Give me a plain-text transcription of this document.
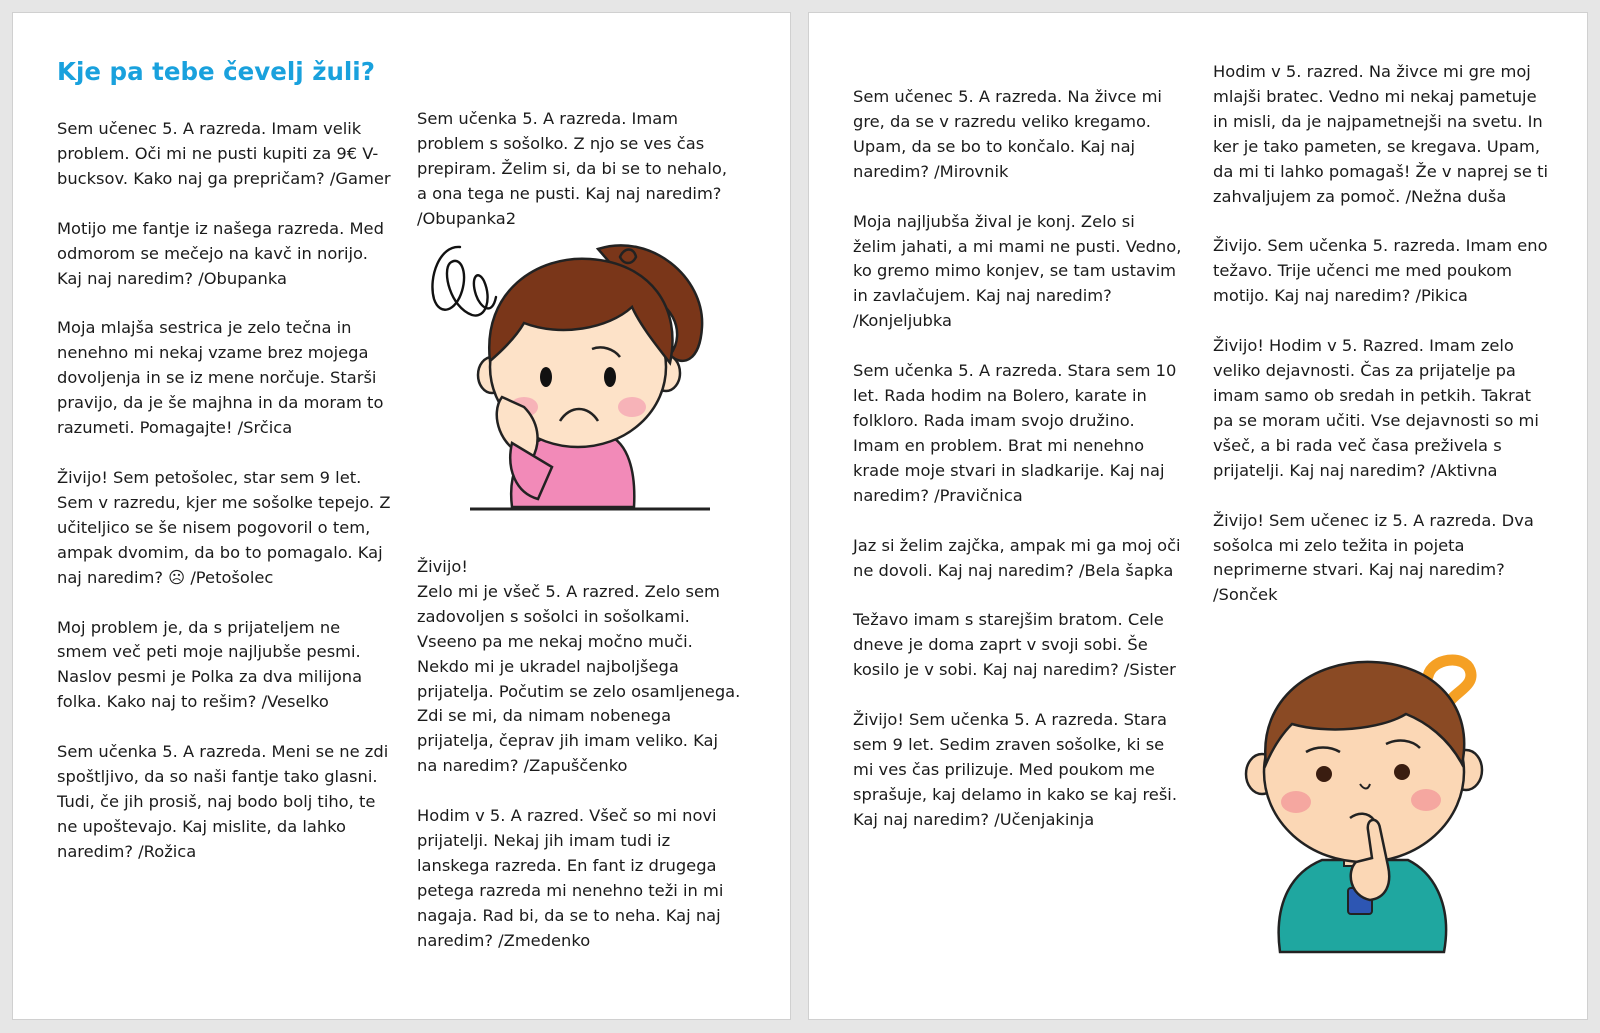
Kje pa tebe čevelj žuli?

Sem učenec 5. A razreda. Imam velik problem. Oči mi ne pusti kupiti za 9€ V-bucksov. Kako naj ga prepričam? /Gamer

Motijo me fantje iz našega razreda. Med odmorom se mečejo na kavč in norijo. Kaj naj naredim? /Obupanka

Moja mlajša sestrica je zelo tečna in nenehno mi nekaj vzame brez mojega dovoljenja in se iz mene norčuje. Starši pravijo, da je še majhna in da moram to razumeti. Pomagajte! /Srčica

Živijo! Sem petošolec, star sem 9 let. Sem v razredu, kjer me sošolke tepejo. Z učiteljico se še nisem pogovoril o tem, ampak dvomim, da bo to pomagalo. Kaj naj naredim? ☹ /Petošolec

Moj problem je, da s prijateljem ne smem več peti moje najljubše pesmi. Naslov pesmi je Polka za dva milijona folka. Kako naj to rešim? /Veselko

Sem učenka 5. A razreda. Meni se ne zdi spoštljivo, da so naši fantje tako glasni. Tudi, če jih prosiš, naj bodo bolj tiho, te ne upoštevajo. Kaj mislite, da lahko naredim? /Rožica

Sem učenka 5. A razreda. Imam problem s sošolko. Z njo se ves čas prepiram. Želim si, da bi se to nehalo, a ona tega ne pusti. Kaj naj naredim? /Obupanka2

Živijo!
Zelo mi je všeč 5. A razred. Zelo sem zadovoljen s sošolci in sošolkami. Vseeno pa me nekaj močno muči. Nekdo mi je ukradel najboljšega prijatelja. Počutim se zelo osamljenega. Zdi se mi, da nimam nobenega prijatelja, čeprav jih imam veliko. Kaj na naredim? /Zapuščenko

Hodim v 5. A razred. Všeč so mi novi prijatelji. Nekaj jih imam tudi iz lanskega razreda. En fant iz drugega petega razreda mi nenehno teži in mi nagaja. Rad bi, da se to neha. Kaj naj naredim? /Zmedenko

Sem učenec 5. A razreda. Na živce mi gre, da se v razredu veliko kregamo. Upam, da se bo to končalo. Kaj naj naredim? /Mirovnik

Moja najljubša žival je konj. Zelo si želim jahati, a mi mami ne pusti. Vedno, ko gremo mimo konjev, se tam ustavim in zavlačujem. Kaj naj naredim? /Konjeljubka

Sem učenka 5. A razreda. Stara sem 10 let. Rada hodim na Bolero, karate in folkloro. Rada imam svojo družino. Imam en problem. Brat mi nenehno krade moje stvari in sladkarije. Kaj naj naredim? /Pravičnica

Jaz si želim zajčka, ampak mi ga moj oči ne dovoli. Kaj naj naredim? /Bela šapka

Težavo imam s starejšim bratom. Cele dneve je doma zaprt v svoji sobi. Še kosilo je v sobi. Kaj naj naredim? /Sister

Živijo! Sem učenka 5. A razreda. Stara sem 9 let. Sedim zraven sošolke, ki se mi ves čas prilizuje. Med poukom me sprašuje, kaj delamo in kako se kaj reši. Kaj naj naredim? /Učenjakinja

Hodim v 5. razred. Na živce mi gre moj mlajši bratec. Vedno mi nekaj pametuje in misli, da je najpametnejši na svetu. In ker je tako pameten, se kregava. Upam, da mi ti lahko pomagaš! Že v naprej se ti zahvaljujem za pomoč. /Nežna duša

Živijo. Sem učenka 5. razreda. Imam eno težavo. Trije učenci me med poukom motijo. Kaj naj naredim? /Pikica

Živijo! Hodim v 5. Razred. Imam zelo veliko dejavnosti. Čas za prijatelje pa imam samo ob sredah in petkih. Takrat pa se moram učiti. Vse dejavnosti so mi všeč, a bi rada več časa preživela s prijatelji. Kaj naj naredim? /Aktivna

Živijo! Sem učenec iz 5. A razreda. Dva sošolca mi zelo težita in pojeta neprimerne stvari. Kaj naj naredim? /Sonček
